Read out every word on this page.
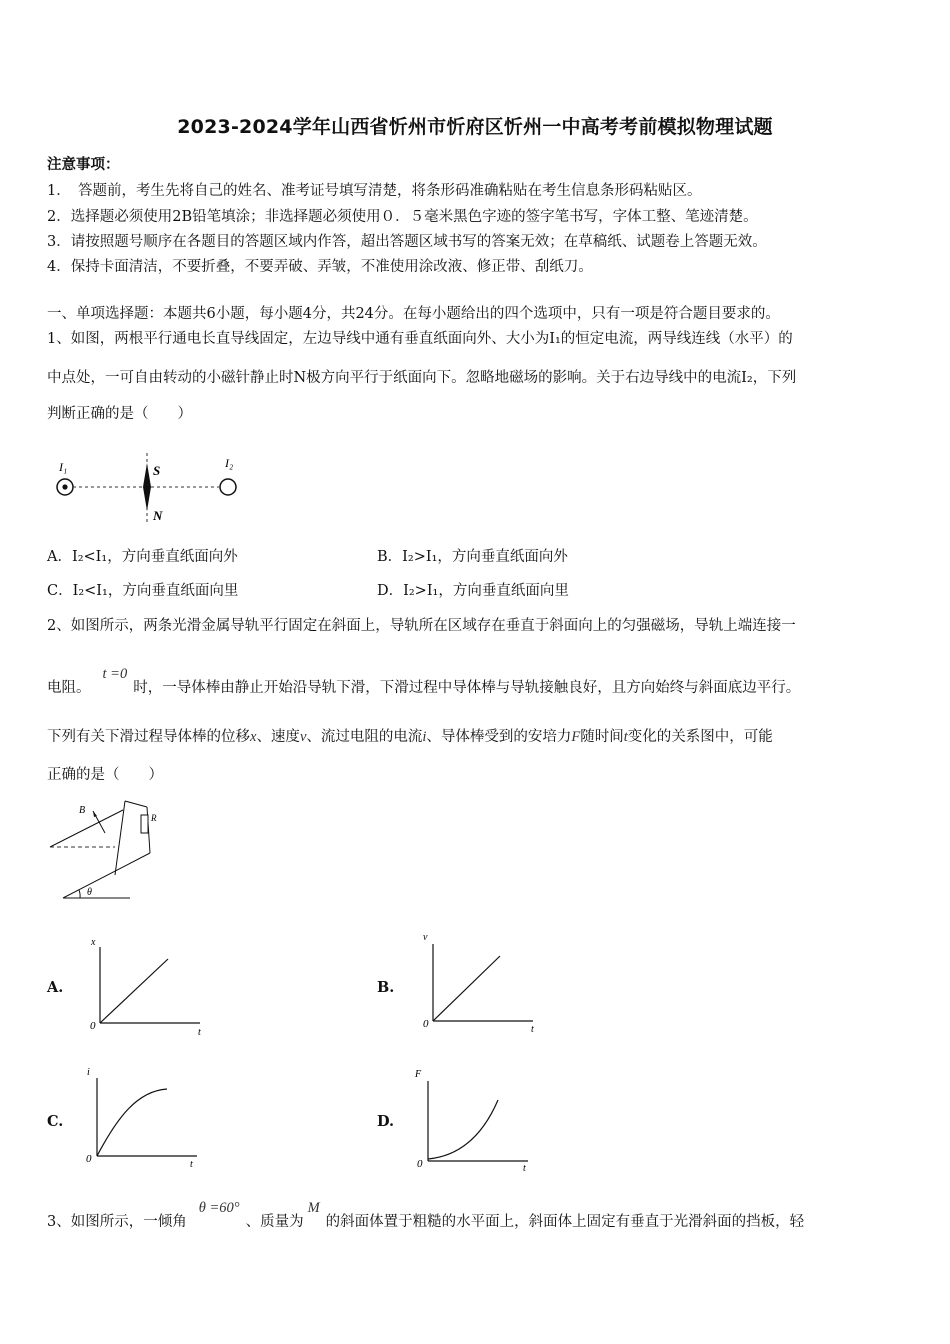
2023-2024学年山西省忻州市忻府区忻州一中高考考前模拟物理试题
注意事项：
1．　答题前，考生先将自己的姓名、准考证号填写清楚，将条形码准确粘贴在考生信息条形码粘贴区。
2．选择题必须使用2B铅笔填涂；非选择题必须使用０．５毫米黑色字迹的签字笔书写，字体工整、笔迹清楚。
3．请按照题号顺序在各题目的答题区域内作答，超出答题区域书写的答案无效；在草稿纸、试题卷上答题无效。
4．保持卡面清洁，不要折叠，不要弄破、弄皱，不准使用涂改液、修正带、刮纸刀。
一、单项选择题：本题共6小题，每小题4分，共24分。在每小题给出的四个选项中，只有一项是符合题目要求的。
1、如图，两根平行通电长直导线固定，左边导线中通有垂直纸面向外、大小为I₁的恒定电流，两导线连线（水平）的
中点处，一可自由转动的小磁针静止时N极方向平行于纸面向下。忽略地磁场的影响。关于右边导线中的电流I₂，下列
判断正确的是（　　）
I₁	S
N
I₂
A．I₂<I₁，方向垂直纸面向外	B．I₂>I₁，方向垂直纸面向外
C．I₂<I₁，方向垂直纸面向里	D．I₂>I₁，方向垂直纸面向里
2、如图所示，两条光滑金属导轨平行固定在斜面上，导轨所在区域存在垂直于斜面向上的匀强磁场，导轨上端连接一
电阻。t =0时，一导体棒由静止开始沿导轨下滑，下滑过程中导体棒与导轨接触良好，且方向始终与斜面底边平行。
下列有关下滑过程导体棒的位移x、速度v、流过电阻的电流i、导体棒受到的安培力F随时间t变化的关系图中，可能
正确的是（　　）
B
R
θ
A.
x
t
0
B.
v
t
0
C.
i
t
0
D.
F
t
0
3、如图所示，一倾角θ =60°、质量为M的斜面体置于粗糙的水平面上，斜面体上固定有垂直于光滑斜面的挡板，轻
